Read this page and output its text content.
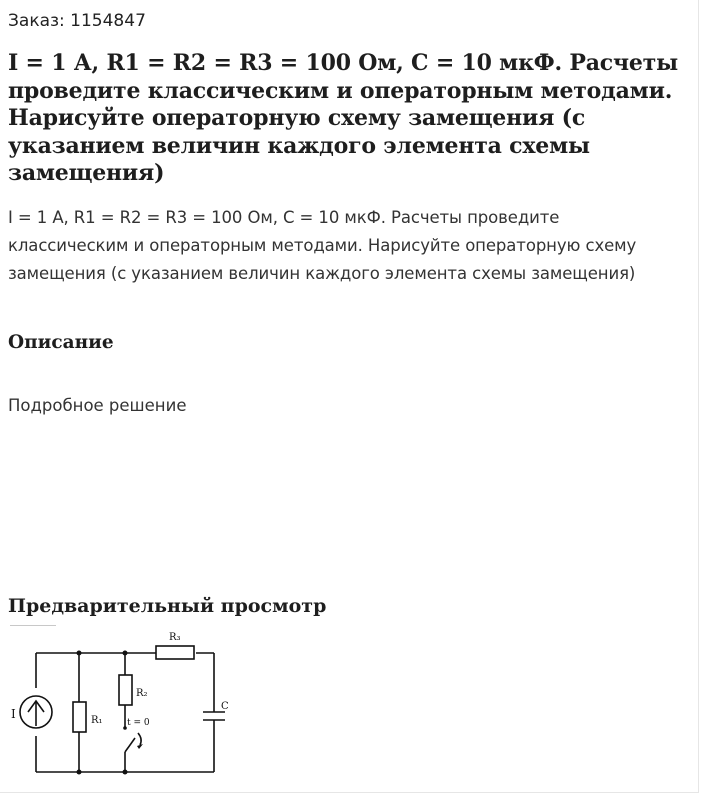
Заказ: 1154847
I = 1 А, R1 = R2 = R3 = 100 Ом, С = 10 мкФ. Расчеты проведите классическим и операторным методами. Нарисуйте операторную схему замещения (с указанием величин каждого элемента схемы замещения)

I = 1 А, R1 = R2 = R3 = 100 Ом, С = 10 мкФ. Расчеты проведите классическим и операторным методами. Нарисуйте операторную схему замещения (с указанием величин каждого элемента схемы замещения)

Описание
Подробное решение
Предварительный просмотр
I	R₁
R₂
R₃
C
t = 0
